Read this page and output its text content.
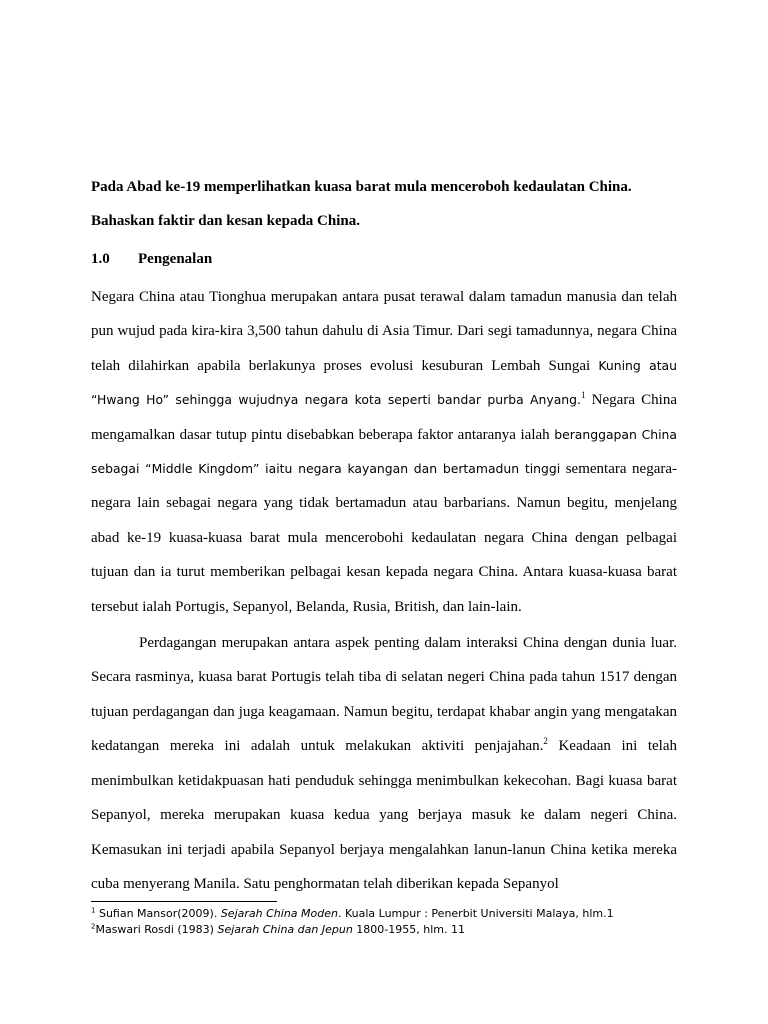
Pada Abad ke-19 memperlihatkan kuasa barat mula menceroboh kedaulatan China.
Bahaskan faktir dan kesan kepada China.

1.0	Pengenalan

Negara China atau Tionghua merupakan antara pusat terawal dalam tamadun manusia dan telah pun wujud pada kira-kira 3,500 tahun dahulu di Asia Timur. Dari segi tamadunnya, negara China telah dilahirkan apabila berlakunya proses evolusi kesuburan Lembah Sungai Kuning atau “Hwang Ho” sehingga wujudnya negara kota seperti bandar purba Anyang.$^1$ Negara China mengamalkan dasar tutup pintu disebabkan beberapa faktor antaranya ialah beranggapan China sebagai “Middle Kingdom” iaitu negara kayangan dan bertamadun tinggi sementara negara-negara lain sebagai negara yang tidak bertamadun atau barbarians. Namun begitu, menjelang abad ke-19 kuasa-kuasa barat mula mencerobohi kedaulatan negara China dengan pelbagai tujuan dan ia turut memberikan pelbagai kesan kepada negara China. Antara kuasa-kuasa barat tersebut ialah Portugis, Sepanyol, Belanda, Rusia, British, dan lain-lain.

Perdagangan merupakan antara aspek penting dalam interaksi China dengan dunia luar. Secara rasminya, kuasa barat Portugis telah tiba di selatan negeri China pada tahun 1517 dengan tujuan perdagangan dan juga keagamaan. Namun begitu, terdapat khabar angin yang mengatakan kedatangan mereka ini adalah untuk melakukan aktiviti penjajahan.$^2$ Keadaan ini telah menimbulkan ketidakpuasan hati penduduk sehingga menimbulkan kekecohan. Bagi kuasa barat Sepanyol, mereka merupakan kuasa kedua yang berjaya masuk ke dalam negeri China. Kemasukan ini terjadi apabila Sepanyol berjaya mengalahkan lanun-lanun China ketika mereka cuba menyerang Manila. Satu penghormatan telah diberikan kepada Sepanyol

$^1$ Sufian Mansor(2009). Sejarah China Moden. Kuala Lumpur : Penerbit Universiti Malaya, hlm.1

$^2$Maswari Rosdi (1983) Sejarah China dan Jepun 1800-1955, hlm. 11
